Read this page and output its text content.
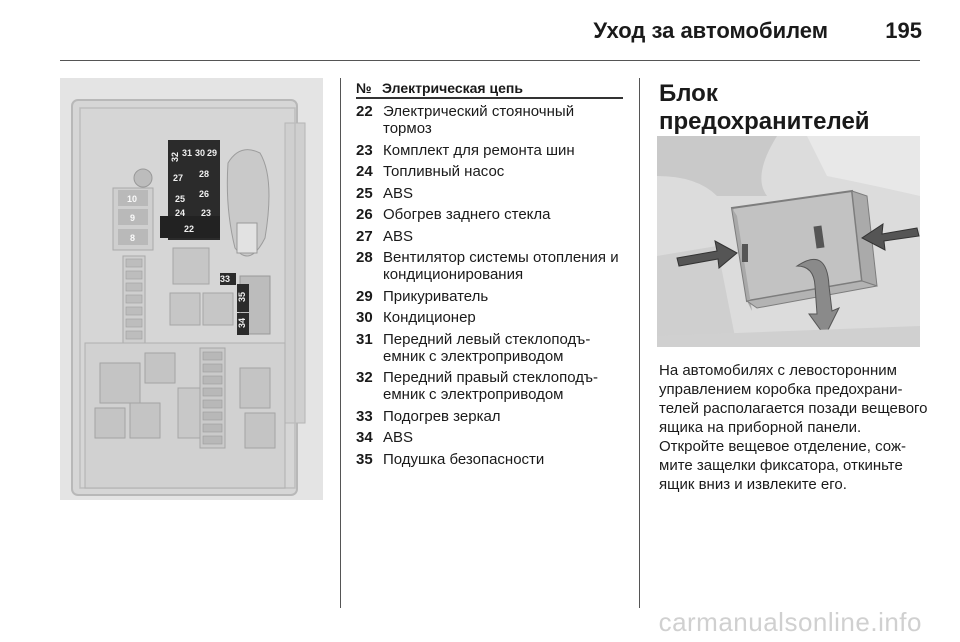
Уход за автомобилем	195
32 31 30 29
27 28
25 26
24 23
22
10
9
8
33
35
34
№ Электрическая цепь
22 Электрический стояночный тормоз
23 Комплект для ремонта шин
24 Топливный насос
25 ABS
26 Обогрев заднего стекла
27 ABS
28 Вентилятор системы отопления и кондиционирования
29 Прикуриватель
30 Кондиционер
31 Передний левый стеклоподъемник с электроприводом
32 Передний правый стеклоподъемник с электроприводом
33 Подогрев зеркал
34 ABS
35 Подушка безопасности
Блок предохранителей

На автомобилях с левосторонним управлением коробка предохранителей располагается позади вещевого ящика на приборной панели.

Откройте вещевое отделение, сожмите защелки фиксатора, откиньте ящик вниз и извлеките его.

carmanualsonline.info
